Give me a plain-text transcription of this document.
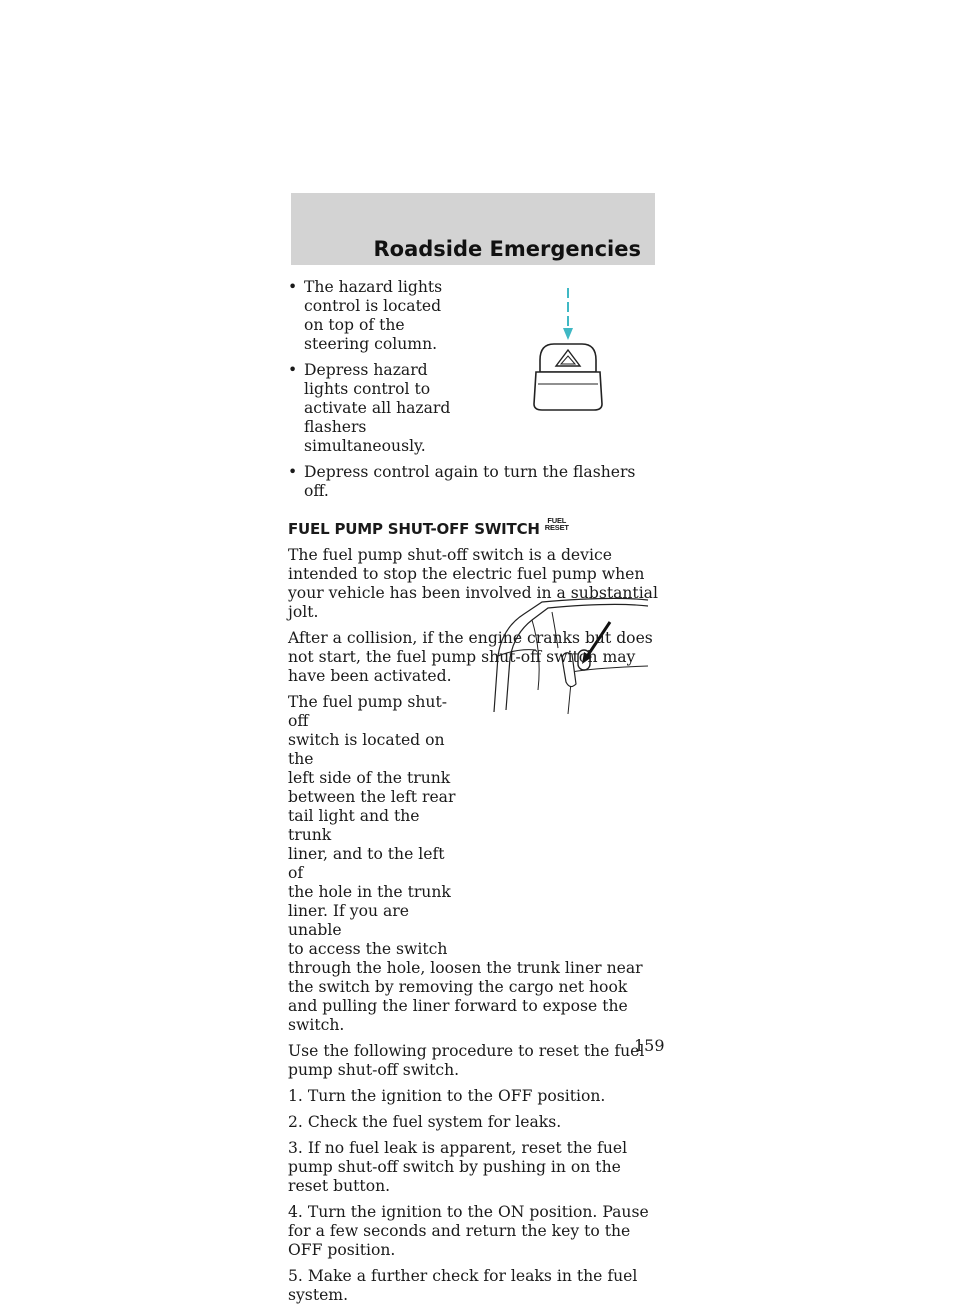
Roadside Emergencies
• The hazard lights control is located on top of the steering column.
• Depress hazard lights control to activate all hazard flashers simultaneously.
• Depress control again to turn the flashers off.
FUEL PUMP SHUT-OFF SWITCH	FUEL
RESET

The fuel pump shut-off switch is a device intended to stop the electric fuel pump when your vehicle has been involved in a substantial jolt.

After a collision, if the engine cranks but does not start, the fuel pump shut-off switch may have been activated.

The fuel pump shut-off
switch is located on the
left side of the trunk
between the left rear
tail light and the trunk
liner, and to the left of
the hole in the trunk
liner. If you are unable
to access the switch

through the hole, loosen the trunk liner near the switch by removing the cargo net hook and pulling the liner forward to expose the switch.

Use the following procedure to reset the fuel pump shut-off switch.

1. Turn the ignition to the OFF position.

2. Check the fuel system for leaks.

3. If no fuel leak is apparent, reset the fuel pump shut-off switch by pushing in on the reset button.

4. Turn the ignition to the ON position. Pause for a few seconds and return the key to the OFF position.

5. Make a further check for leaks in the fuel system.

159
